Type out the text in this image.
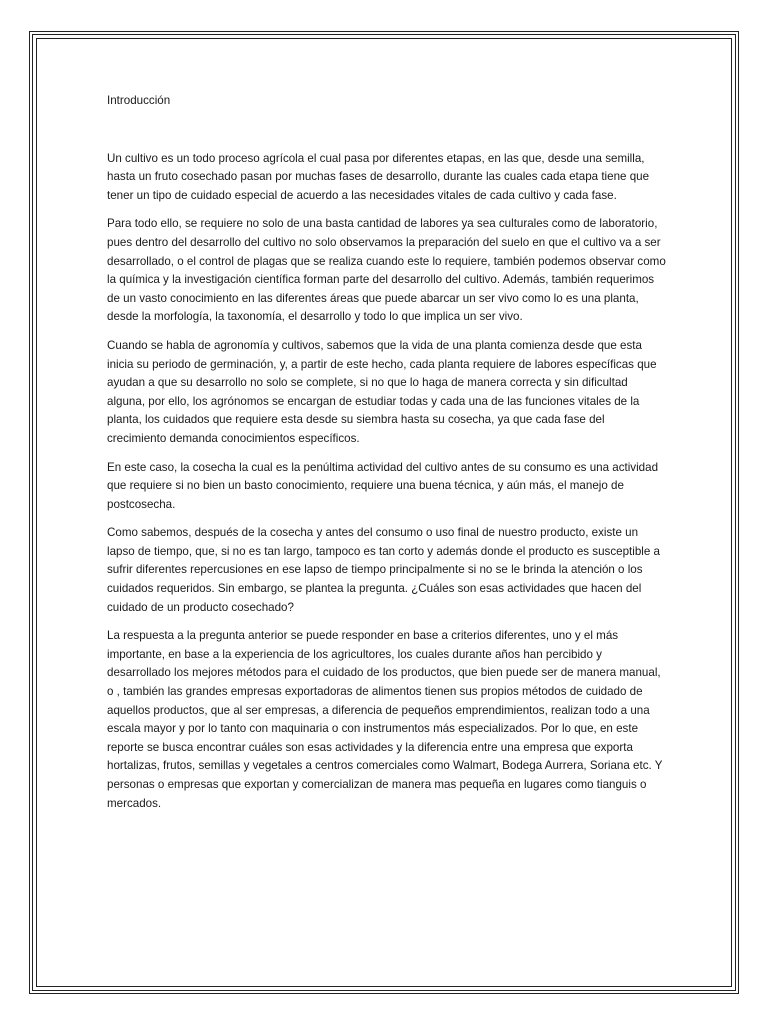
Introducción

Un cultivo es un todo proceso agrícola el cual pasa por diferentes etapas, en las que, desde una semilla, hasta un fruto cosechado pasan por muchas fases de desarrollo, durante las cuales cada etapa tiene que tener un tipo de cuidado especial de acuerdo a las necesidades vitales de cada cultivo y cada fase.

Para todo ello, se requiere no solo de una basta cantidad de labores ya sea culturales como de laboratorio, pues dentro del desarrollo del cultivo no solo observamos la preparación del suelo en que el cultivo va a ser desarrollado, o el control de plagas que se realiza cuando este lo requiere, también podemos observar como la química y la investigación científica forman parte del desarrollo del cultivo. Además, también requerimos de un vasto conocimiento en las diferentes áreas que puede abarcar un ser vivo como lo es una planta, desde la morfología, la taxonomía, el desarrollo y todo lo que implica un ser vivo.

Cuando se habla de agronomía y cultivos, sabemos que la vida de una planta comienza desde que esta inicia su periodo de germinación, y, a partir de este hecho, cada planta requiere de labores específicas que ayudan a que su desarrollo no solo se complete, si no que lo haga de manera correcta y sin dificultad alguna, por ello, los agrónomos se encargan de estudiar todas y cada una de las funciones vitales de la planta, los cuidados que requiere esta desde su siembra hasta su cosecha, ya que cada fase del crecimiento demanda conocimientos específicos.

En este caso, la cosecha la cual es la penúltima actividad del cultivo antes de su consumo es una actividad que requiere si no bien un basto conocimiento, requiere una buena técnica, y aún más, el manejo de postcosecha.

Como sabemos, después de la cosecha y antes del consumo o uso final de nuestro producto, existe un lapso de tiempo, que, si no es tan largo, tampoco es tan corto y además donde el producto es susceptible a sufrir diferentes repercusiones en ese lapso de tiempo principalmente si no se le brinda la atención o los cuidados requeridos. Sin embargo, se plantea la pregunta. ¿Cuáles son esas actividades que hacen del cuidado de un producto cosechado?

La respuesta a la pregunta anterior se puede responder en base a criterios diferentes, uno y el más importante, en base a la experiencia de los agricultores, los cuales durante años han percibido y desarrollado los mejores métodos para el cuidado de los productos, que bien puede ser de manera manual, o , también las grandes empresas exportadoras de alimentos tienen sus propios métodos de cuidado de aquellos productos, que al ser empresas, a diferencia de pequeños emprendimientos, realizan todo a una escala mayor y por lo tanto con maquinaria o con instrumentos más especializados. Por lo que, en este reporte se busca encontrar cuáles son esas actividades y la diferencia entre una empresa que exporta hortalizas, frutos, semillas y vegetales a centros comerciales como Walmart, Bodega Aurrera, Soriana etc. Y personas o empresas que exportan y comercializan de manera mas pequeña en lugares como tianguis o mercados.
